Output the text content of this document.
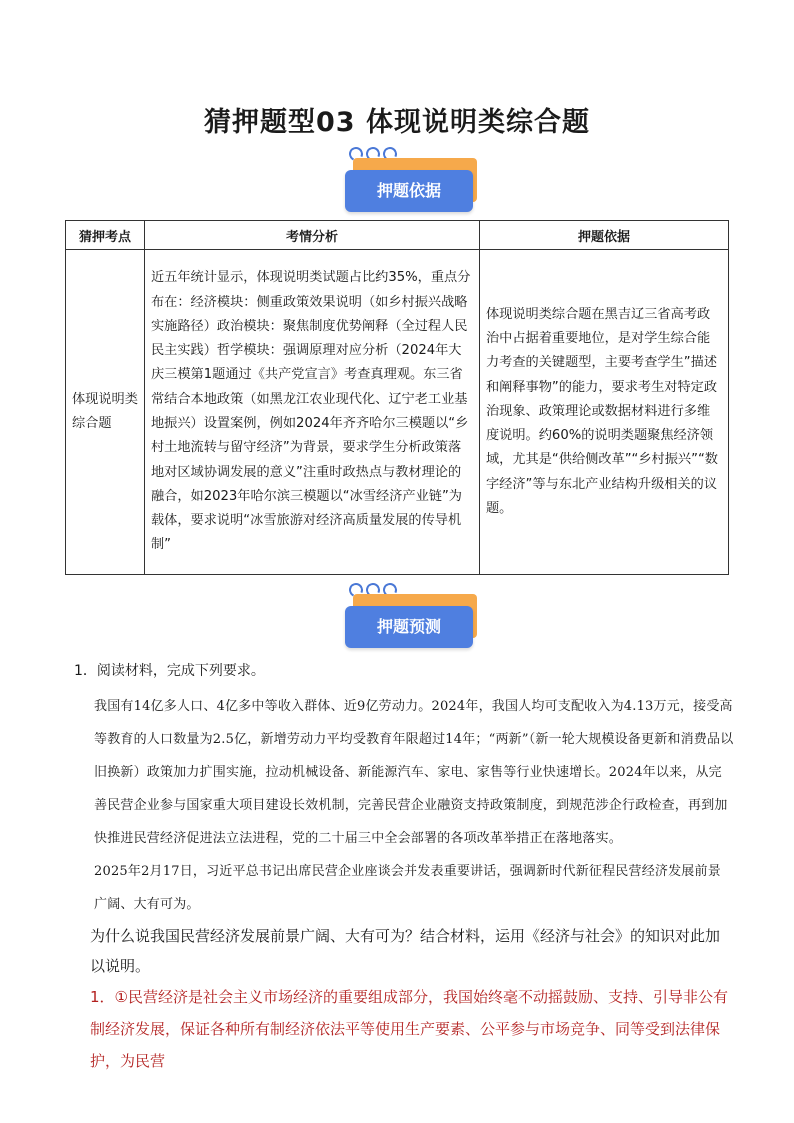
猜押题型03 体现说明类综合题
押题依据
猜押考点	考情分析	押题依据
体现说明类综合题	近五年统计显示，体现说明类试题占比约35%，重点分布在：经济模块：侧重政策效果说明（如乡村振兴战略实施路径）政治模块：聚焦制度优势阐释（全过程人民民主实践）哲学模块：强调原理对应分析（2024年大庆三模第1题通过《共产党宣言》考查真理观。东三省常结合本地政策（如黑龙江农业现代化、辽宁老工业基地振兴）设置案例，例如2024年齐齐哈尔三模题以“乡村土地流转与留守经济”为背景，要求学生分析政策落地对区域协调发展的意义”注重时政热点与教材理论的融合，如2023年哈尔滨三模题以“冰雪经济产业链”为载体，要求说明“冰雪旅游对经济高质量发展的传导机制”	体现说明类综合题在黑吉辽三省高考政治中占据着重要地位，是对学生综合能力考查的关键题型，主要考查学生”描述和阐释事物”的能力，要求考生对特定政治现象、政策理论或数据材料进行多维度说明。约60%的说明类题聚焦经济领域，尤其是“供给侧改革”“乡村振兴”“数字经济”等与东北产业结构升级相关的议题。
押题预测

1．阅读材料，完成下列要求。

我国有14亿多人口、4亿多中等收入群体、近9亿劳动力。2024年，我国人均可支配收入为4.13万元，接受高等教育的人口数量为2.5亿，新增劳动力平均受教育年限超过14年；“两新”（新一轮大规模设备更新和消费品以旧换新）政策加力扩围实施，拉动机械设备、新能源汽车、家电、家售等行业快速增长。2024年以来，从完善民营企业参与国家重大项目建设长效机制，完善民营企业融资支持政策制度，到规范涉企行政检查，再到加快推进民营经济促进法立法进程，党的二十届三中全会部署的各项改革举措正在落地落实。

2025年2月17日，习近平总书记出席民营企业座谈会并发表重要讲话，强调新时代新征程民营经济发展前景广阔、大有可为。

为什么说我国民营经济发展前景广阔、大有可为？结合材料，运用《经济与社会》的知识对此加以说明。

1．①民营经济是社会主义市场经济的重要组成部分，我国始终毫不动摇鼓励、支持、引导非公有制经济发展，保证各种所有制经济依法平等使用生产要素、公平参与市场竞争、同等受到法律保护，为民营
